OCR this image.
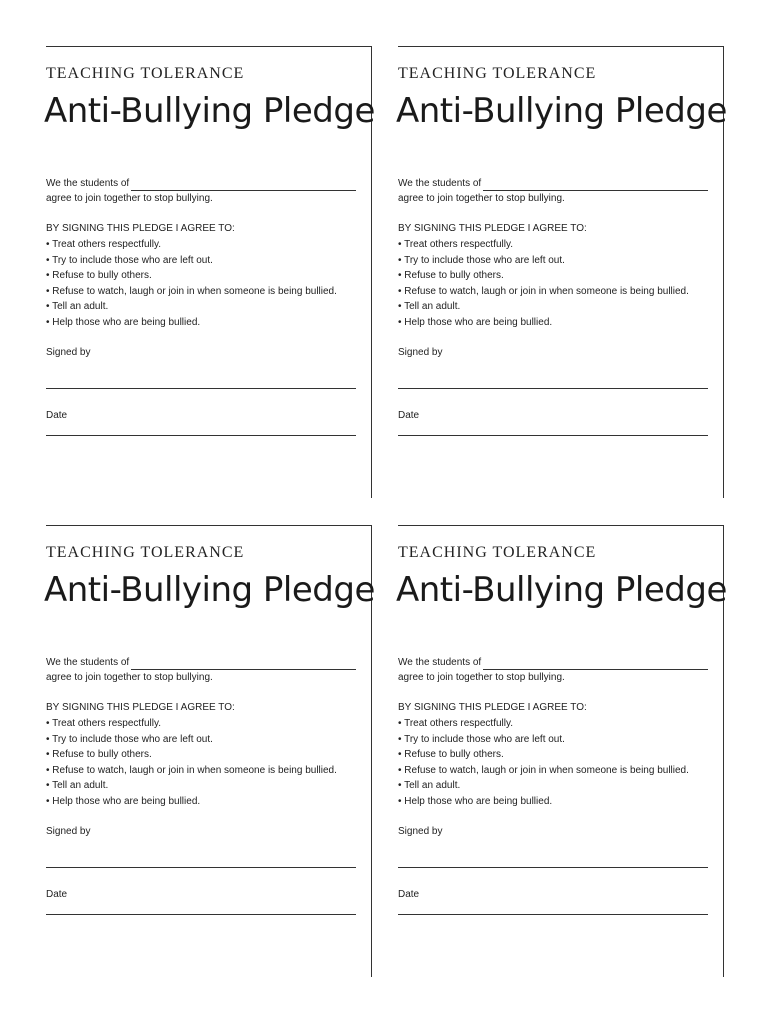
TEACHING TOLERANCE
Anti-Bullying Pledge
We the students of
agree to join together to stop bullying.
BY SIGNING THIS PLEDGE I AGREE TO:
• Treat others respectfully.
• Try to include those who are left out.
• Refuse to bully others.
• Refuse to watch, laugh or join in when someone is being bullied.
• Tell an adult.
• Help those who are being bullied.
Signed by
Date
TEACHING TOLERANCE
Anti-Bullying Pledge
We the students of
agree to join together to stop bullying.
BY SIGNING THIS PLEDGE I AGREE TO:
• Treat others respectfully.
• Try to include those who are left out.
• Refuse to bully others.
• Refuse to watch, laugh or join in when someone is being bullied.
• Tell an adult.
• Help those who are being bullied.
Signed by
Date
TEACHING TOLERANCE
Anti-Bullying Pledge
We the students of
agree to join together to stop bullying.
BY SIGNING THIS PLEDGE I AGREE TO:
• Treat others respectfully.
• Try to include those who are left out.
• Refuse to bully others.
• Refuse to watch, laugh or join in when someone is being bullied.
• Tell an adult.
• Help those who are being bullied.
Signed by
Date
TEACHING TOLERANCE
Anti-Bullying Pledge
We the students of
agree to join together to stop bullying.
BY SIGNING THIS PLEDGE I AGREE TO:
• Treat others respectfully.
• Try to include those who are left out.
• Refuse to bully others.
• Refuse to watch, laugh or join in when someone is being bullied.
• Tell an adult.
• Help those who are being bullied.
Signed by
Date
